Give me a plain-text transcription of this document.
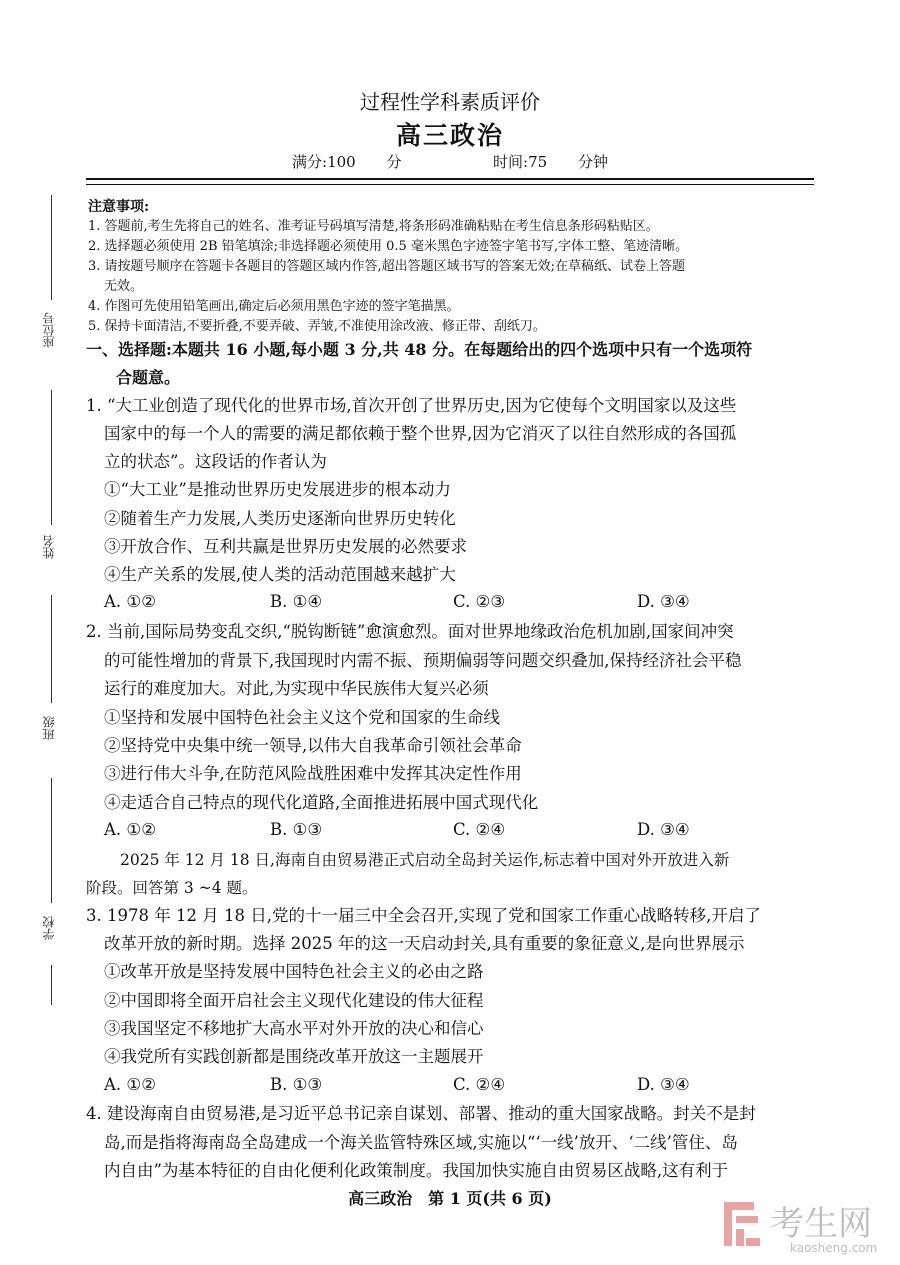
过程性学科素质评价
高三政治
满分:100 分	时间:75 分钟
注意事项:
1. 答题前,考生先将自己的姓名、准考证号码填写清楚,将条形码准确粘贴在考生信息条形码粘贴区。
2. 选择题必须使用 2B 铅笔填涂;非选择题必须使用 0.5 毫米黑色字迹签字笔书写,字体工整、笔迹清晰。
3. 请按题号顺序在答题卡各题目的答题区域内作答,超出答题区域书写的答案无效;在草稿纸、试卷上答题
无效。
4. 作图可先使用铅笔画出,确定后必须用黑色字迹的签字笔描黑。
5. 保持卡面清洁,不要折叠,不要弄破、弄皱,不准使用涂改液、修正带、刮纸刀。
一、选择题:本题共 16 小题,每小题 3 分,共 48 分。在每题给出的四个选项中只有一个选项符
合题意。
1. “大工业创造了现代化的世界市场,首次开创了世界历史,因为它使每个文明国家以及这些
国家中的每一个人的需要的满足都依赖于整个世界,因为它消灭了以往自然形成的各国孤
立的状态”。这段话的作者认为
①“大工业”是推动世界历史发展进步的根本动力
②随着生产力发展,人类历史逐渐向世界历史转化
③开放合作、互利共赢是世界历史发展的必然要求
④生产关系的发展,使人类的活动范围越来越扩大
A. ①②	B. ①④	C. ②③	D. ③④
2. 当前,国际局势变乱交织,“脱钩断链”愈演愈烈。面对世界地缘政治危机加剧,国家间冲突
的可能性增加的背景下,我国现时内需不振、预期偏弱等问题交织叠加,保持经济社会平稳
运行的难度加大。对此,为实现中华民族伟大复兴必须
①坚持和发展中国特色社会主义这个党和国家的生命线
②坚持党中央集中统一领导,以伟大自我革命引领社会革命
③进行伟大斗争,在防范风险战胜困难中发挥其决定性作用
④走适合自己特点的现代化道路,全面推进拓展中国式现代化
A. ①②	B. ①③	C. ②④	D. ③④
2025 年 12 月 18 日,海南自由贸易港正式启动全岛封关运作,标志着中国对外开放进入新
阶段。回答第 3 ~4 题。
3. 1978 年 12 月 18 日,党的十一届三中全会召开,实现了党和国家工作重心战略转移,开启了
改革开放的新时期。选择 2025 年的这一天启动封关,具有重要的象征意义,是向世界展示
①改革开放是坚持发展中国特色社会主义的必由之路
②中国即将全面开启社会主义现代化建设的伟大征程
③我国坚定不移地扩大高水平对外开放的决心和信心
④我党所有实践创新都是围绕改革开放这一主题展开
A. ①②	B. ①③	C. ②④	D. ③④
4. 建设海南自由贸易港,是习近平总书记亲自谋划、部署、推动的重大国家战略。封关不是封
岛,而是指将海南岛全岛建成一个海关监管特殊区域,实施以“‘一线’放开、‘二线’管住、岛
内自由”为基本特征的自由化便利化政策制度。我国加快实施自由贸易区战略,这有利于
座位号
姓名
班级
学校
高三政治　第 1 页(共 6 页)
考生网
kaosheng.com
